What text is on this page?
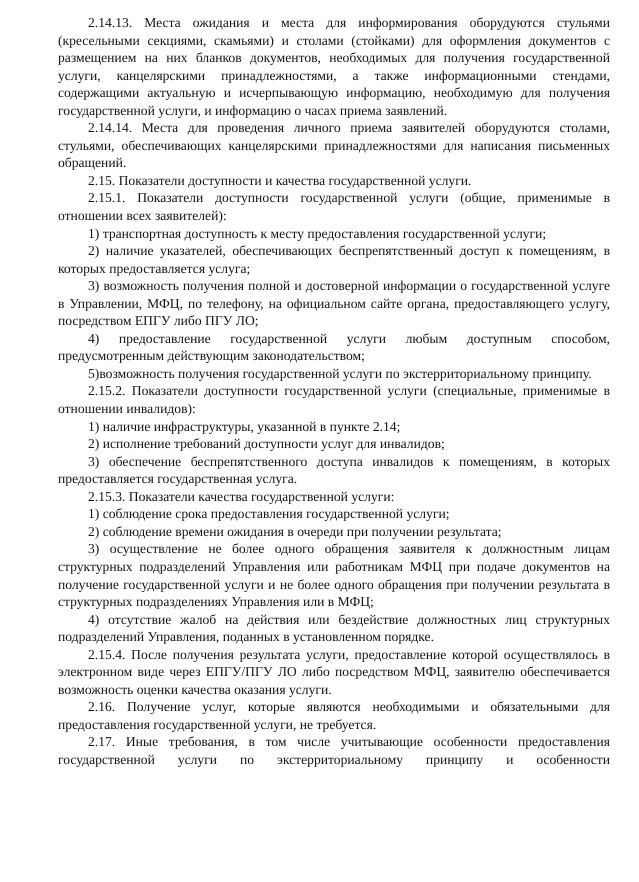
2.14.13. Места ожидания и места для информирования оборудуются стульями (кресельными секциями, скамьями) и столами (стойками) для оформления документов с размещением на них бланков документов, необходимых для получения государственной услуги, канцелярскими принадлежностями, а также информационными стендами, содержащими актуальную и исчерпывающую информацию, необходимую для получения государственной услуги, и информацию о часах приема заявлений.

2.14.14. Места для проведения личного приема заявителей оборудуются столами, стульями, обеспечивающих канцелярскими принадлежностями для написания письменных обращений.

2.15. Показатели доступности и качества государственной услуги.

2.15.1. Показатели доступности государственной услуги (общие, применимые в отношении всех заявителей):

1) транспортная доступность к месту предоставления государственной услуги;

2) наличие указателей, обеспечивающих беспрепятственный доступ к помещениям, в которых предоставляется услуга;

3) возможность получения полной и достоверной информации о государственной услуге в Управлении, МФЦ, по телефону, на официальном сайте органа, предоставляющего услугу, посредством ЕПГУ либо ПГУ ЛО;

4) предоставление государственной услуги любым доступным способом, предусмотренным действующим законодательством;

5)возможность получения государственной услуги по экстерриториальному принципу.

2.15.2. Показатели доступности государственной услуги (специальные, применимые в отношении инвалидов):

1) наличие инфраструктуры, указанной в пункте 2.14;

2) исполнение требований доступности услуг для инвалидов;

3) обеспечение беспрепятственного доступа инвалидов к помещениям, в которых предоставляется государственная услуга.

2.15.3. Показатели качества государственной услуги:

1) соблюдение срока предоставления государственной услуги;

2) соблюдение времени ожидания в очереди при получении результата;

3) осуществление не более одного обращения заявителя к должностным лицам структурных подразделений Управления или работникам МФЦ при подаче документов на получение государственной услуги и не более одного обращения при получении результата в структурных подразделениях Управления или в МФЦ;

4) отсутствие жалоб на действия или бездействие должностных лиц структурных подразделений Управления, поданных в установленном порядке.

2.15.4. После получения результата услуги, предоставление которой осуществлялось в электронном виде через ЕПГУ/ПГУ ЛО либо посредством МФЦ, заявителю обеспечивается возможность оценки качества оказания услуги.

2.16. Получение услуг, которые являются необходимыми и обязательными для предоставления государственной услуги, не требуется.

2.17. Иные требования, в том числе учитывающие особенности предоставления государственной услуги по экстерриториальному принципу и особенности
